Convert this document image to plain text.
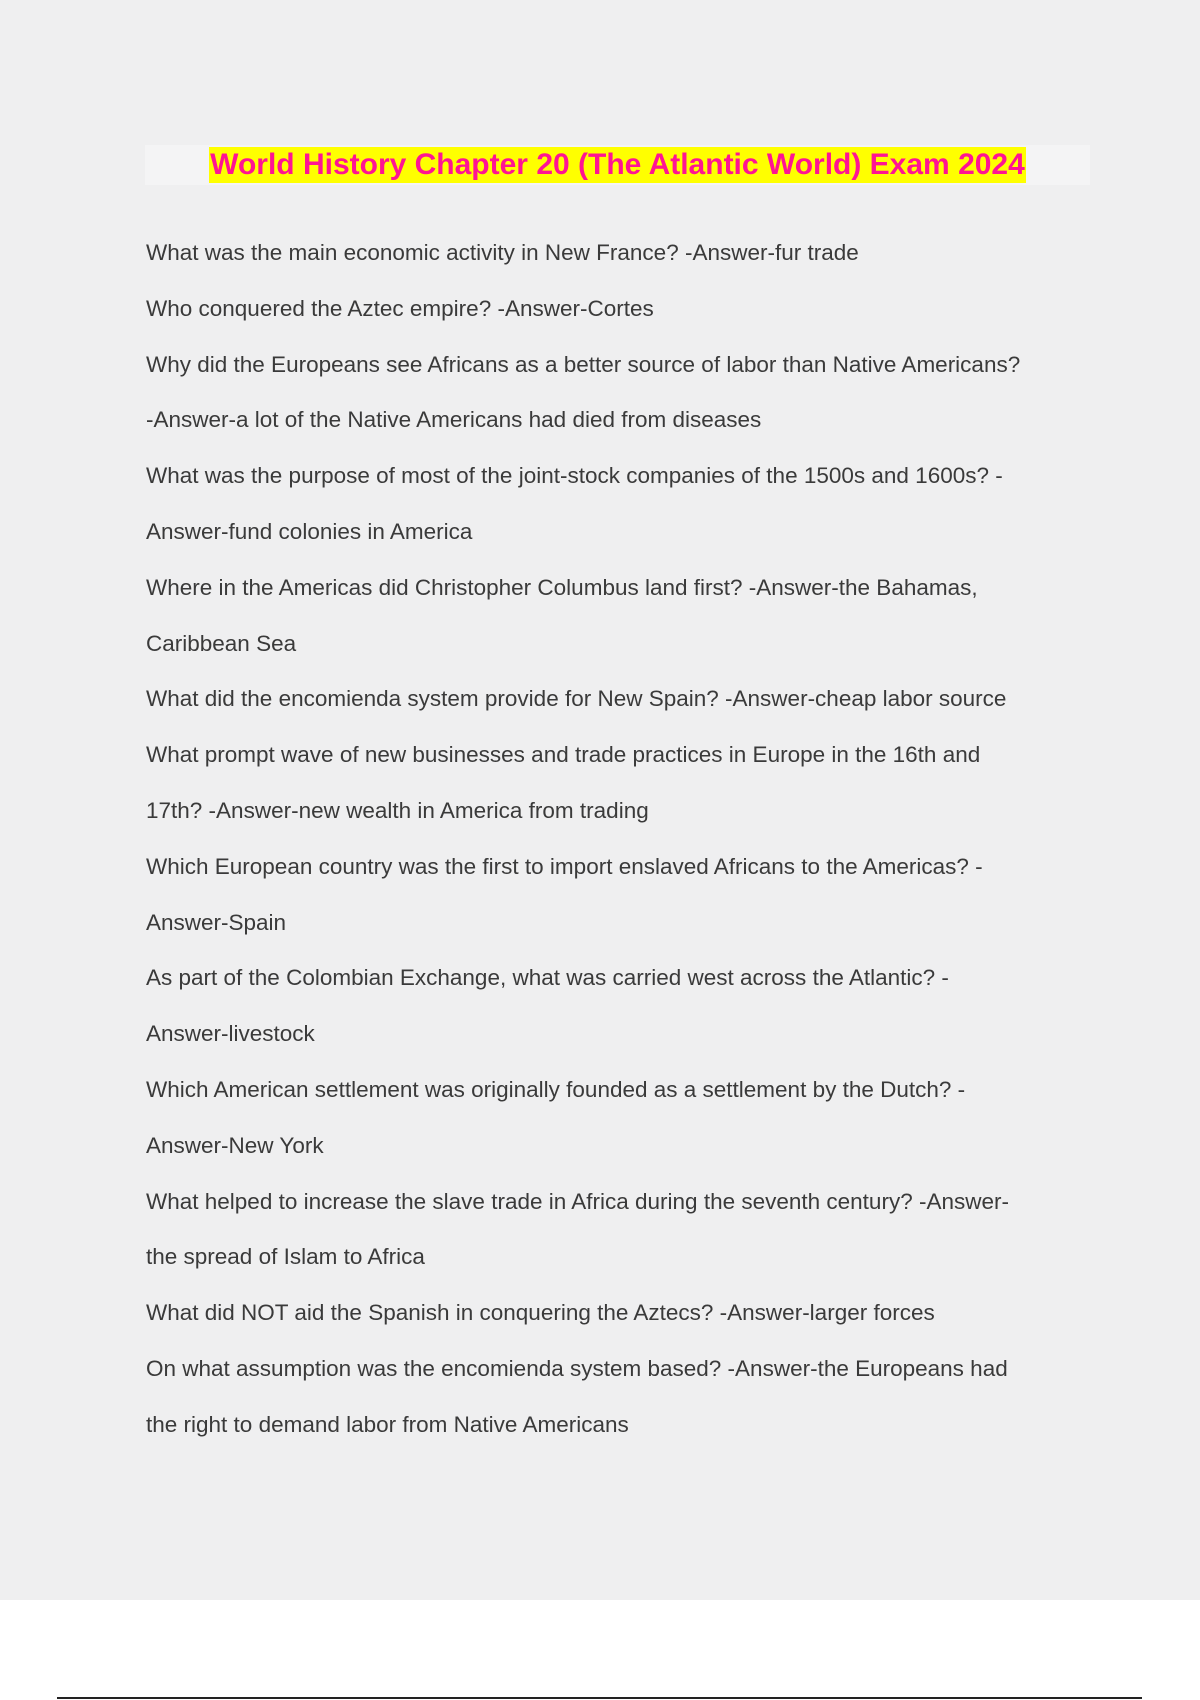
World History Chapter 20 (The Atlantic World) Exam 2024
What was the main economic activity in New France? -Answer-fur trade
Who conquered the Aztec empire? -Answer-Cortes
Why did the Europeans see Africans as a better source of labor than Native Americans?
-Answer-a lot of the Native Americans had died from diseases
What was the purpose of most of the joint-stock companies of the 1500s and 1600s? -
Answer-fund colonies in America
Where in the Americas did Christopher Columbus land first? -Answer-the Bahamas,
Caribbean Sea
What did the encomienda system provide for New Spain? -Answer-cheap labor source
What prompt wave of new businesses and trade practices in Europe in the 16th and
17th? -Answer-new wealth in America from trading
Which European country was the first to import enslaved Africans to the Americas? -
Answer-Spain
As part of the Colombian Exchange, what was carried west across the Atlantic? -
Answer-livestock
Which American settlement was originally founded as a settlement by the Dutch? -
Answer-New York
What helped to increase the slave trade in Africa during the seventh century? -Answer-
the spread of Islam to Africa
What did NOT aid the Spanish in conquering the Aztecs? -Answer-larger forces
On what assumption was the encomienda system based? -Answer-the Europeans had
the right to demand labor from Native Americans
